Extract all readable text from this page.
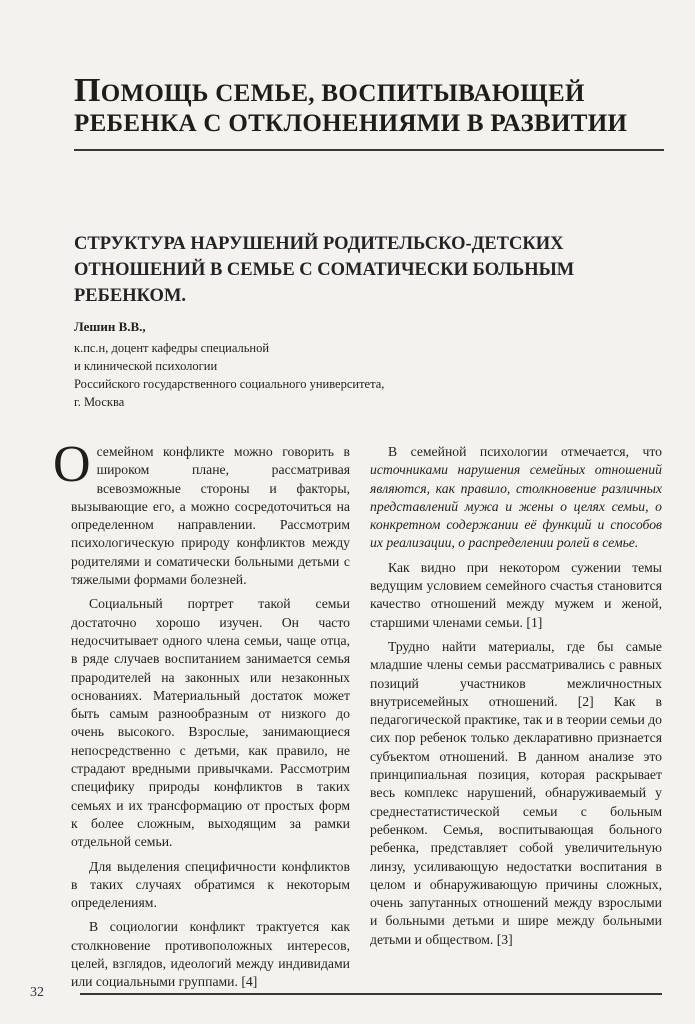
ПОМОЩЬ СЕМЬЕ, ВОСПИТЫВАЮЩЕЙ
РЕБЕНКА С ОТКЛОНЕНИЯМИ В РАЗВИТИИ
СТРУКТУРА НАРУШЕНИЙ РОДИТЕЛЬСКО-ДЕТСКИХ
ОТНОШЕНИЙ В СЕМЬЕ С СОМАТИЧЕСКИ БОЛЬНЫМ
РЕБЕНКОМ.
Лешин В.В.,
к.пс.н, доцент кафедры специальной
и клинической психологии
Российского государственного социального университета,
г. Москва

Осемейном конфликте можно говорить в широком плане, рассматривая всевозможные стороны и факторы, вызывающие его, а можно сосредоточиться на определенном направлении. Рассмотрим психологическую природу конфликтов между родителями и соматически больными детьми с тяжелыми формами болезней.

Социальный портрет такой семьи достаточно хорошо изучен. Он часто недосчитывает одного члена семьи, чаще отца, в ряде случаев воспитанием занимается семья прародителей на законных или незаконных основаниях. Материальный достаток может быть самым разнообразным от низкого до очень высокого. Взрослые, занимающиеся непосредственно с детьми, как правило, не страдают вредными привычками. Рассмотрим специфику природы конфликтов в таких семьях и их трансформацию от простых форм к более сложным, выходящим за рамки отдельной семьи.

Для выделения специфичности конфликтов в таких случаях обратимся к некоторым определениям.

В социологии конфликт трактуется как столкновение противоположных интересов, целей, взглядов, идеологий между индивидами или социальными группами. [4]

В семейной психологии отмечается, что источниками нарушения семейных отношений являются, как правило, столкновение различных представлений мужа и жены о целях семьи, о конкретном содержании её функций и способов их реализации, о распределении ролей в семье.

Как видно при некотором сужении темы ведущим условием семейного счастья становится качество отношений между мужем и женой, старшими членами семьи. [1]

Трудно найти материалы, где бы самые младшие члены семьи рассматривались с равных позиций участников межличностных внутрисемейных отношений. [2] Как в педагогической практике, так и в теории семьи до сих пор ребенок только декларативно признается субъектом отношений. В данном анализе это принципиальная позиция, которая раскрывает весь комплекс нарушений, обнаруживаемый у среднестатистической семьи с больным ребенком. Семья, воспитывающая больного ребенка, представляет собой увеличительную линзу, усиливающую недостатки воспитания в целом и обнаруживающую причины сложных, очень запутанных отношений между взрослыми и больными детьми и шире между больными детьми и обществом. [3]

32
